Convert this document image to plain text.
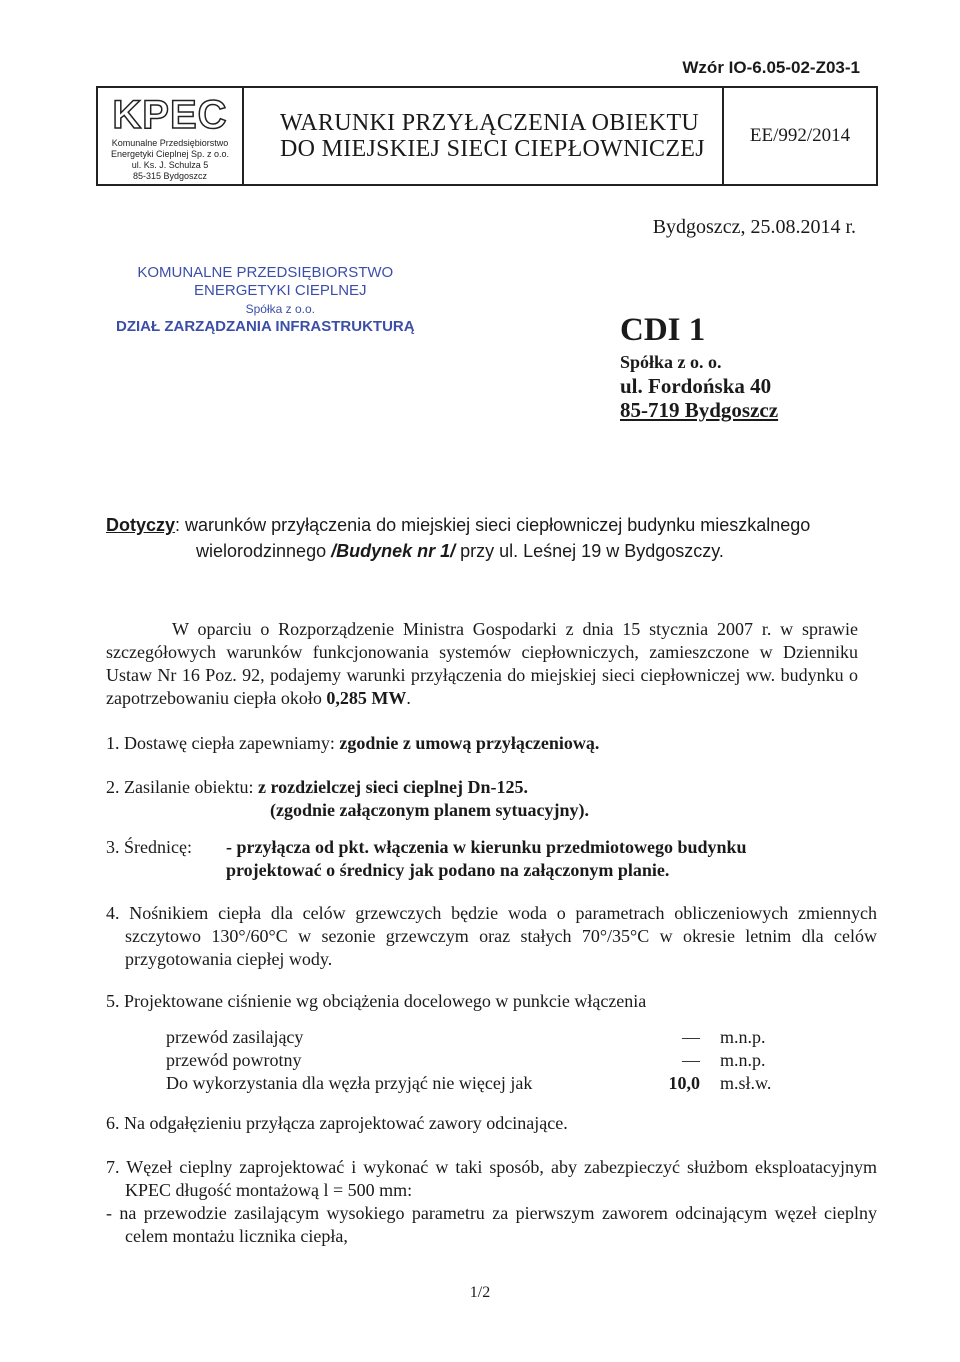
Wzór IO-6.05-02-Z03-1
KPEC
Komunalne Przedsiębiorstwo
Energetyki Cieplnej Sp. z o.o.
ul. Ks. J. Schulza 5
85-315 Bydgoszcz
WARUNKI PRZYŁĄCZENIA OBIEKTU
DO MIEJSKIEJ SIECI CIEPŁOWNICZEJ
EE/992/2014
Bydgoszcz, 25.08.2014 r.
KOMUNALNE PRZEDSIĘBIORSTWO
ENERGETYKI CIEPLNEJ
Spółka z o.o.
DZIAŁ ZARZĄDZANIA INFRASTRUKTURĄ	CDI 1
Spółka z o. o.
ul. Fordońska 40
85-719 Bydgoszcz
Dotyczy: warunków przyłączenia do miejskiej sieci ciepłowniczej budynku mieszkalnego
wielorodzinnego /Budynek nr 1/ przy ul. Leśnej 19 w Bydgoszczy.
W oparciu o Rozporządzenie Ministra Gospodarki z dnia 15 stycznia 2007 r. w sprawie szczegółowych warunków funkcjonowania systemów ciepłowniczych, zamieszczone w Dzienniku Ustaw Nr 16 Poz. 92, podajemy warunki przyłączenia do miejskiej sieci ciepłowniczej ww. budynku o zapotrzebowaniu ciepła około 0,285 MW.
1. Dostawę ciepła zapewniamy: zgodnie z umową przyłączeniową.
2. Zasilanie obiektu: z rozdzielczej sieci cieplnej Dn-125.
(zgodnie załączonym planem sytuacyjny).
3. Średnicę:	- przyłącza od pkt. włączenia w kierunku przedmiotowego budynku
projektować o średnicy jak podano na załączonym planie.
4. Nośnikiem ciepła dla celów grzewczych będzie woda o parametrach obliczeniowych zmiennych szczytowo 130°/60°C w sezonie grzewczym oraz stałych 70°/35°C w okresie letnim dla celów przygotowania ciepłej wody.
5. Projektowane ciśnienie wg obciążenia docelowego w punkcie włączenia
przewód zasilający	—	m.n.p.
przewód powrotny	—	m.n.p.
Do wykorzystania dla węzła przyjąć nie więcej jak	10,0	m.sł.w.
6. Na odgałęzieniu przyłącza zaprojektować zawory odcinające.
7. Węzeł cieplny zaprojektować i wykonać w taki sposób, aby zabezpieczyć służbom eksploatacyjnym KPEC długość montażową l = 500 mm:
- na przewodzie zasilającym wysokiego parametru za pierwszym zaworem odcinającym węzeł cieplny celem montażu licznika ciepła,
1/2
